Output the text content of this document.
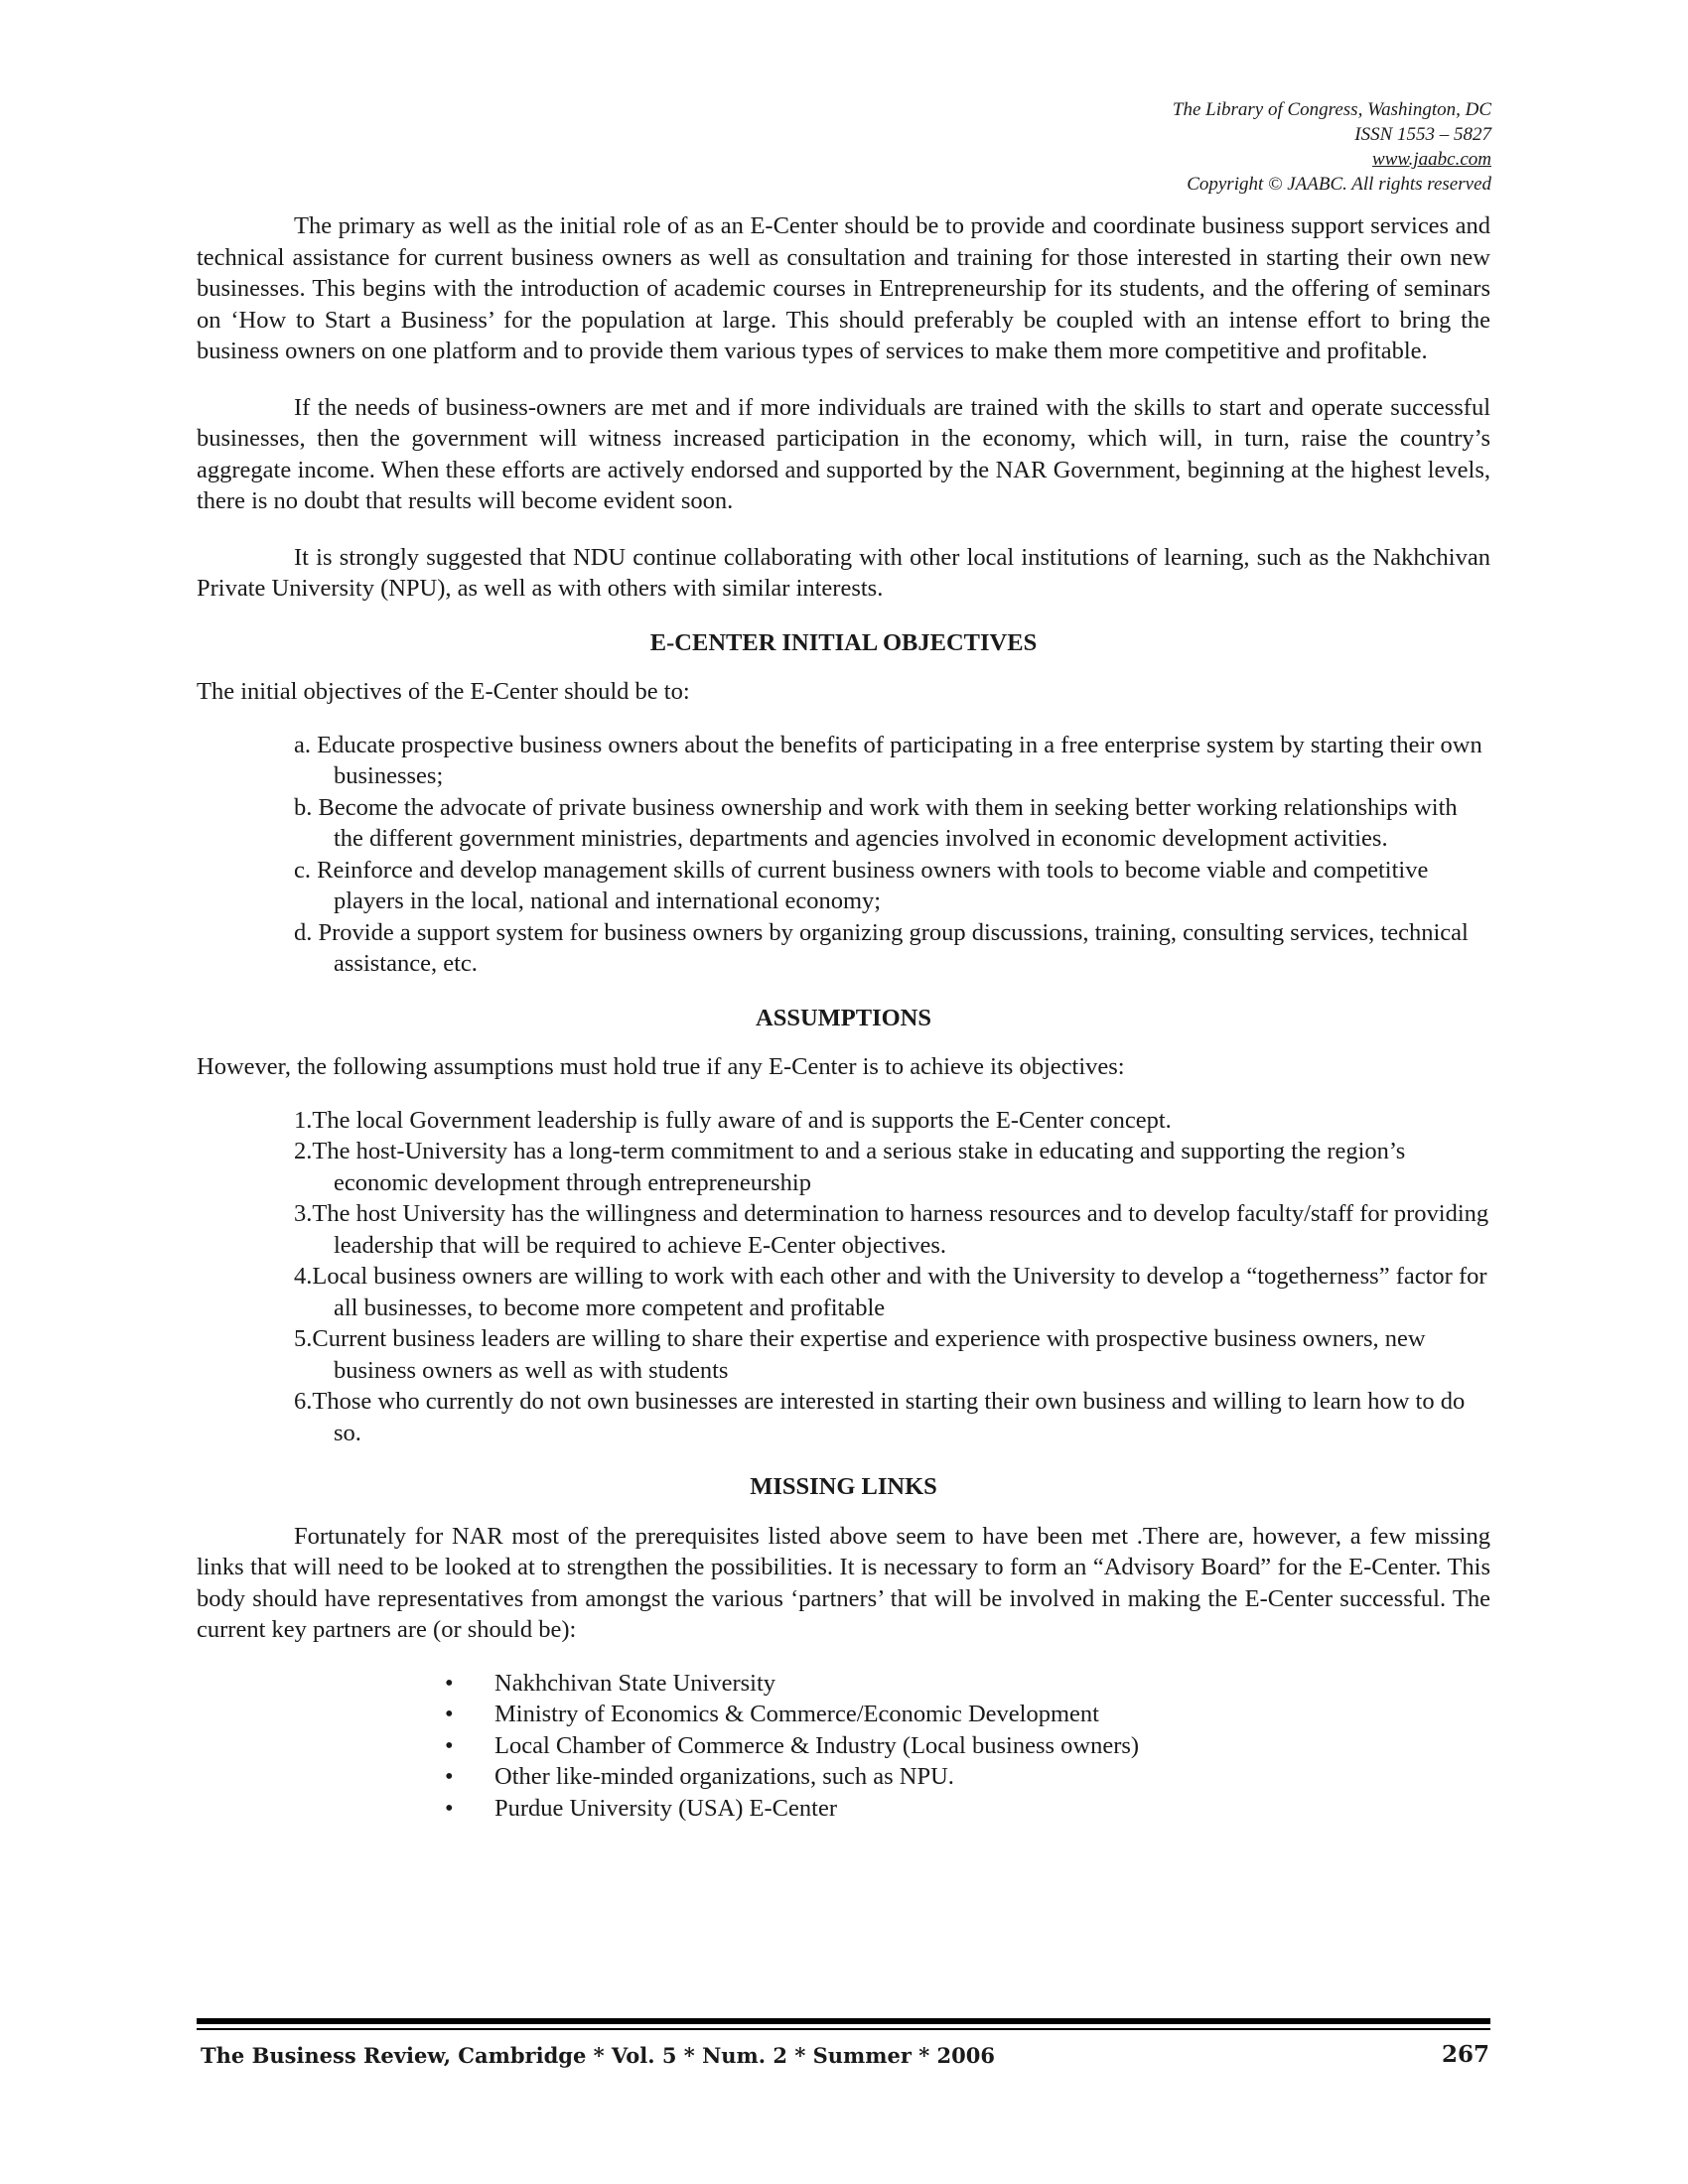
The Library of Congress, Washington, DC
ISSN 1553 – 5827
www.jaabc.com
Copyright © JAABC. All rights reserved

The primary as well as the initial role of as an E-Center should be to provide and coordinate business support services and technical assistance for current business owners as well as consultation and training for those interested in starting their own new businesses. This begins with the introduction of academic courses in Entrepreneurship for its students, and the offering of seminars on ‘How to Start a Business’ for the population at large. This should preferably be coupled with an intense effort to bring the business owners on one platform and to provide them various types of services to make them more competitive and profitable.

If the needs of business-owners are met and if more individuals are trained with the skills to start and operate successful businesses, then the government will witness increased participation in the economy, which will, in turn, raise the country’s aggregate income. When these efforts are actively endorsed and supported by the NAR Government, beginning at the highest levels, there is no doubt that results will become evident soon.

It is strongly suggested that NDU continue collaborating with other local institutions of learning, such as the Nakhchivan Private University (NPU), as well as with others with similar interests.

E-CENTER INITIAL OBJECTIVES

The initial objectives of the E-Center should be to:

a. Educate prospective business owners about the benefits of participating in a free enterprise system by starting their own businesses;
b. Become the advocate of private business ownership and work with them in seeking better working relationships with the different government ministries, departments and agencies involved in economic development activities.
c. Reinforce and develop management skills of current business owners with tools to become viable and competitive players in the local, national and international economy;
d. Provide a support system for business owners by organizing group discussions, training, consulting services, technical assistance, etc.
ASSUMPTIONS

However, the following assumptions must hold true if any E-Center is to achieve its objectives:

1.The local Government leadership is fully aware of and is supports the E-Center concept.
2.The host-University has a long-term commitment to and a serious stake in educating and supporting the region’s economic development through entrepreneurship
3.The host University has the willingness and determination to harness resources and to develop faculty/staff for providing leadership that will be required to achieve E-Center objectives.
4.Local business owners are willing to work with each other and with the University to develop a “togetherness” factor for all businesses, to become more competent and profitable
5.Current business leaders are willing to share their expertise and experience with prospective business owners, new business owners as well as with students
6.Those who currently do not own businesses are interested in starting their own business and willing to learn how to do so.
MISSING LINKS

Fortunately for NAR most of the prerequisites listed above seem to have been met .There are, however, a few missing links that will need to be looked at to strengthen the possibilities. It is necessary to form an “Advisory Board” for the E-Center. This body should have representatives from amongst the various ‘partners’ that will be involved in making the E-Center successful. The current key partners are (or should be):

• Nakhchivan State University
• Ministry of Economics & Commerce/Economic Development
• Local Chamber of Commerce & Industry (Local business owners)
• Other like-minded organizations, such as NPU.
• Purdue University (USA) E-Center
The Business Review, Cambridge * Vol. 5 * Num. 2 * Summer * 2006	267
